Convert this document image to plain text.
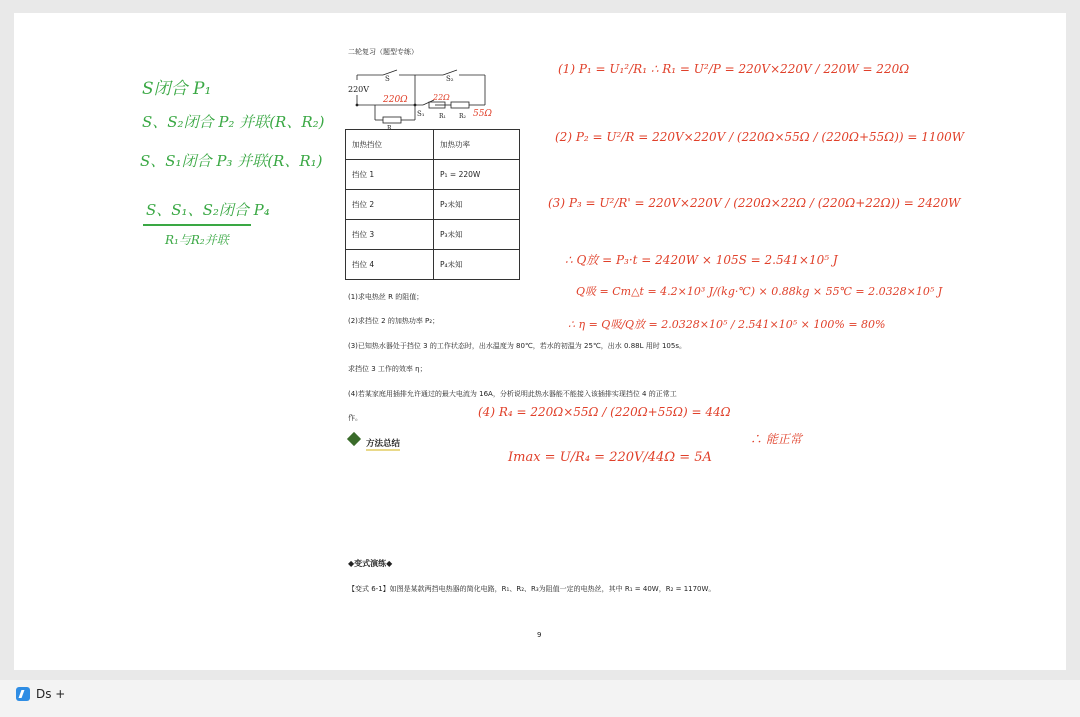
二轮复习（题型专练）
220V
S	S₂
S₁
R
R₁ R₂
220Ω	22Ω
55Ω
加热挡位	加热功率
挡位 1	P₁ = 220W
挡位 2	P₂未知
挡位 3	P₃未知
挡位 4	P₄未知
(1)求电热丝 R 的阻值；
(2)求挡位 2 的加热功率 P₂；
(3)已知热水器处于挡位 3 的工作状态时，出水温度为 80℃，若水的初温为 25℃，出水 0.88L 用时 105s。
求挡位 3 工作的效率 η；
(4)若某家庭用插排允许通过的最大电流为 16A，分析说明此热水器能不能接入该插排实现挡位 4 的正常工
作。
方法总结
◆变式演练◆
【变式 6-1】如图是某款两挡电热器的简化电路，R₁、R₂、R₃为阻值一定的电热丝，其中 R₁ = 40W，R₂ = 1170W。
9
S闭合 P₁
S、S₂闭合 P₂ 并联(R、R₂)
S、S₁闭合 P₃ 并联(R、R₁)
S、S₁、S₂闭合 P₄
R₁与R₂并联
(1) P₁ = U₁²/R₁ ∴ R₁ = U²/P = 220V×220V / 220W = 220Ω
(2) P₂ = U²/R = 220V×220V / (220Ω×55Ω / (220Ω+55Ω)) = 1100W
(3) P₃ = U²/R' = 220V×220V / (220Ω×22Ω / (220Ω+22Ω)) = 2420W
∴ Q放 = P₃·t = 2420W × 105S = 2.541×10⁵ J
Q吸 = Cm△t = 4.2×10³ J/(kg·℃) × 0.88kg × 55℃ = 2.0328×10⁵ J
∴ η = Q吸/Q放 = 2.0328×10⁵ / 2.541×10⁵ × 100% = 80%
(4) R₄ = 220Ω×55Ω / (220Ω+55Ω) = 44Ω
Imax = U/R₄ = 220V/44Ω = 5A
∴ 能正常
Ds +
